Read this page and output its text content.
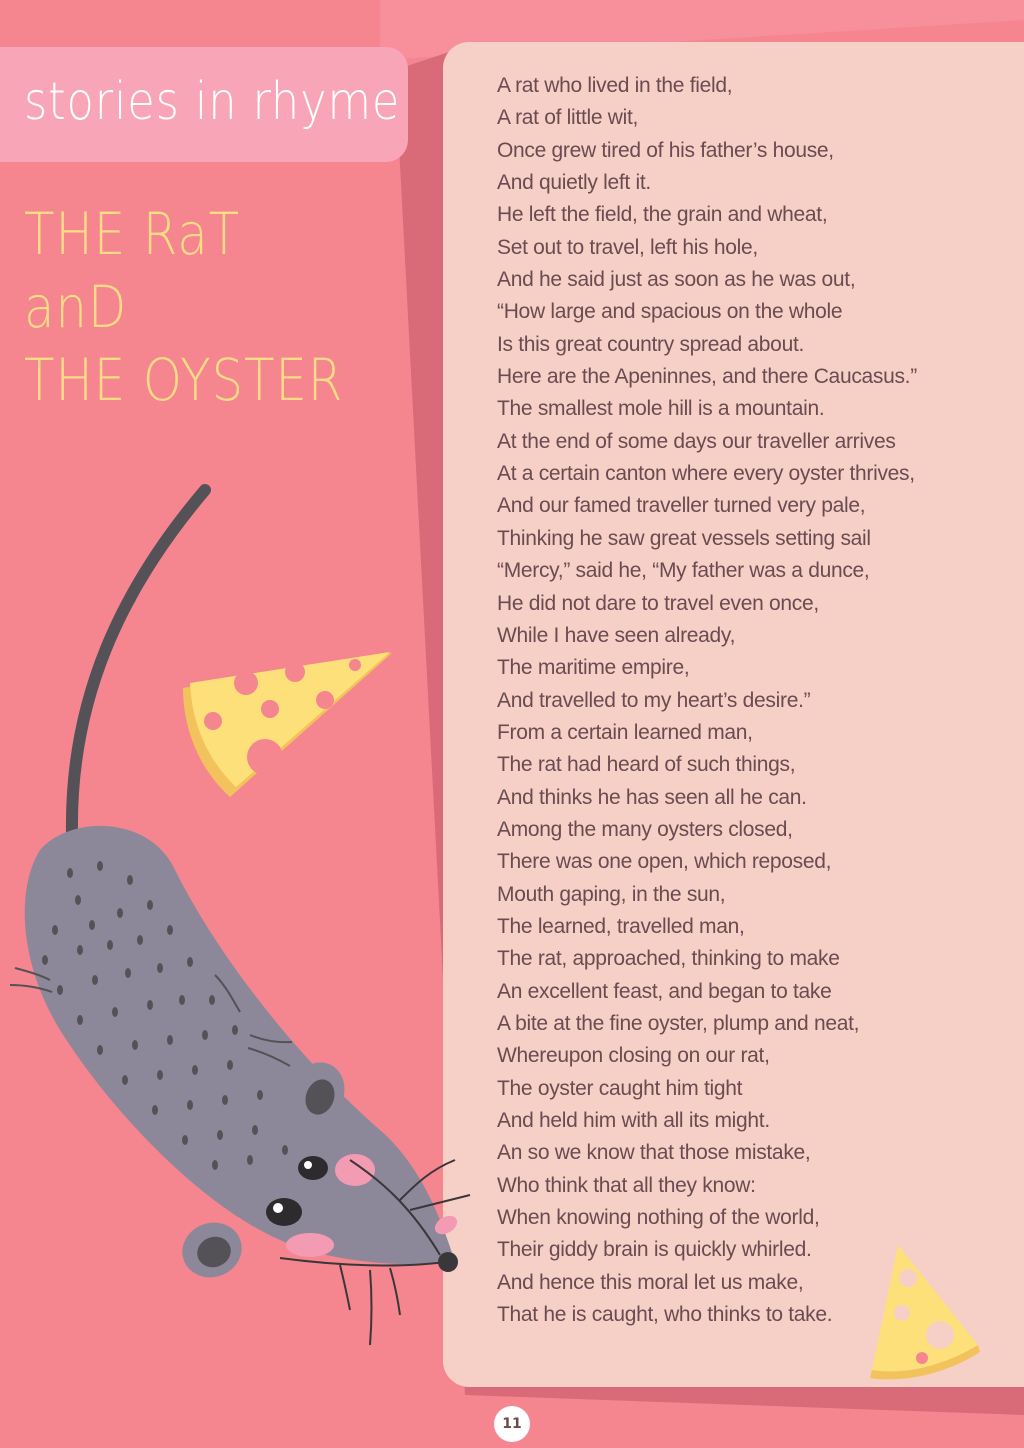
stories in rhyme
THE RaT
anD
THE OYSTER
A rat who lived in the field,
A rat of little wit,
Once grew tired of his father’s house,
And quietly left it.
He left the field, the grain and wheat,
Set out to travel, left his hole,
And he said just as soon as he was out,
“How large and spacious on the whole
Is this great country spread about.
Here are the Apeninnes, and there Caucasus.”
The smallest mole hill is a mountain.
At the end of some days our traveller arrives
At a certain canton where every oyster thrives,
And our famed traveller turned very pale,
Thinking he saw great vessels setting sail
“Mercy,” said he, “My father was a dunce,
He did not dare to travel even once,
While I have seen already,
The maritime empire,
And travelled to my heart’s desire.”
From a certain learned man,
The rat had heard of such things,
And thinks he has seen all he can.
Among the many oysters closed,
There was one open, which reposed,
Mouth gaping, in the sun,
The learned, travelled man,
The rat, approached, thinking to make
An excellent feast, and began to take
A bite at the fine oyster, plump and neat,
Whereupon closing on our rat,
The oyster caught him tight
And held him with all its might.
An so we know that those mistake,
Who think that all they know:
When knowing nothing of the world,
Their giddy brain is quickly whirled.
And hence this moral let us make,
That he is caught, who thinks to take.
11
